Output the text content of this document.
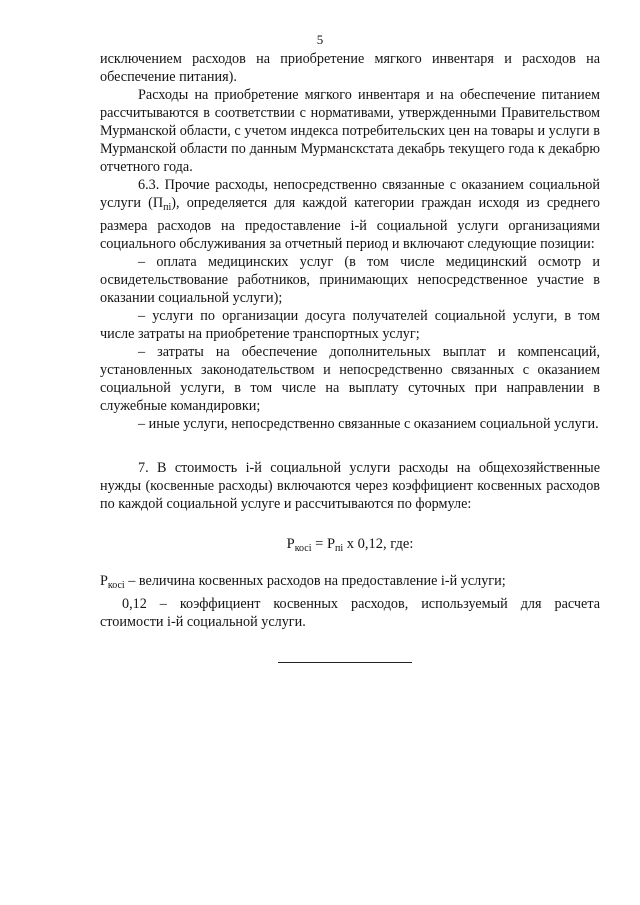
5

исключением расходов на приобретение мягкого инвентаря и расходов на обеспечение питания).

Расходы на приобретение мягкого инвентаря и на обеспечение питанием рассчитываются в соответствии с нормативами, утвержденными Правительством Мурманской области, с учетом индекса потребительских цен на товары и услуги в Мурманской области по данным Мурманскстата декабрь текущего года к декабрю отчетного года.

6.3. Прочие расходы, непосредственно связанные с оказанием социальной услуги $(П_{пi})$, определяется для каждой категории граждан исходя из среднего размера расходов на предоставление i-й социальной услуги организациями социального обслуживания за отчетный период и включают следующие позиции:

– оплата медицинских услуг (в том числе медицинский осмотр и освидетельствование работников, принимающих непосредственное участие в оказании социальной услуги);

– услуги по организации досуга получателей социальной услуги, в том числе затраты на приобретение транспортных услуг;

– затраты на обеспечение дополнительных выплат и компенсаций, установленных законодательством и непосредственно связанных с оказанием социальной услуги, в том числе на выплату суточных при направлении в служебные командировки;

– иные услуги, непосредственно связанные с оказанием социальной услуги.

7. В стоимость i-й социальной услуги расходы на общехозяйственные нужды (косвенные расходы) включаются через коэффициент косвенных расходов по каждой социальной услуге и рассчитываются по формуле:

$P_{косi} = P_{пi}$ x 0,12, где:

$P_{косi}$ – величина косвенных расходов на предоставление i-й услуги;

0,12 – коэффициент косвенных расходов, используемый для расчета стоимости i-й социальной услуги.
